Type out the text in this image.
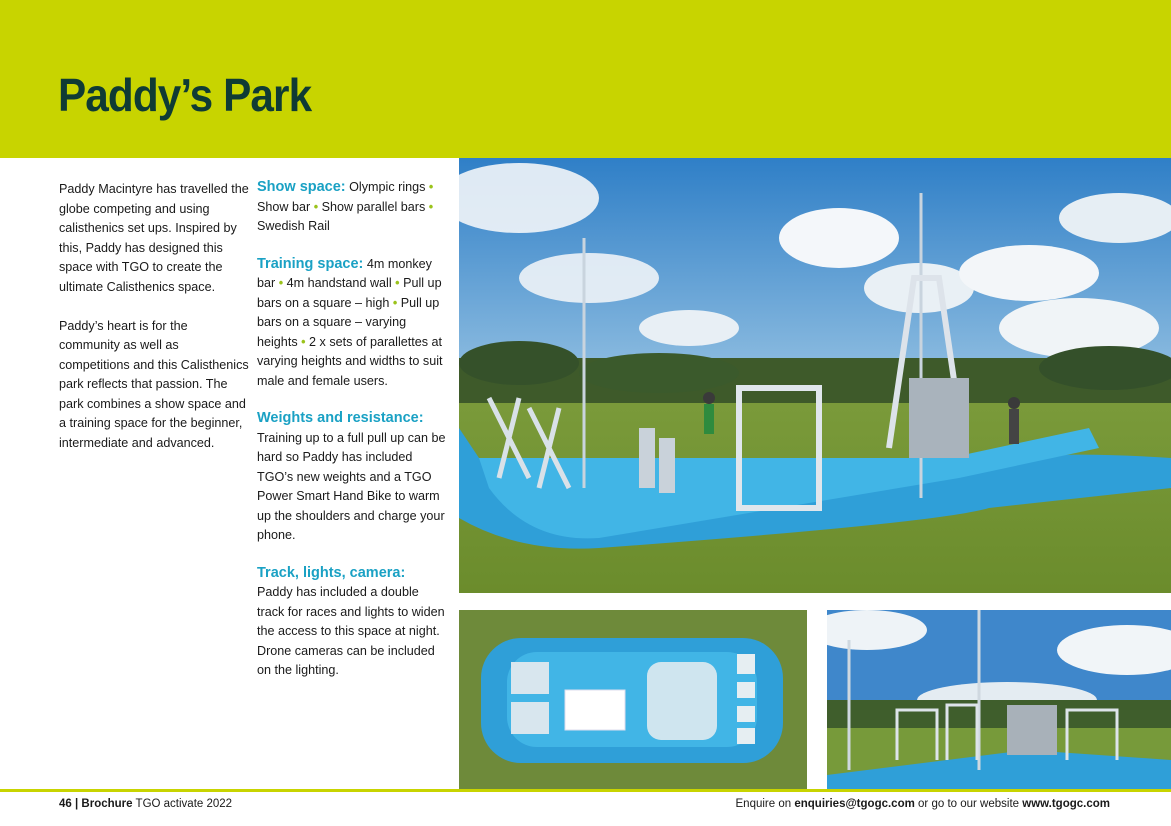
Paddy’s Park

Paddy Macintyre has travelled the globe competing and using calisthenics set ups. Inspired by this, Paddy has designed this space with TGO to create the ultimate Calisthenics space.

Paddy’s heart is for the community as well as competitions and this Calisthenics park reflects that passion. The park combines a show space and a training space for the beginner, intermediate and advanced.

Show space: Olympic rings • Show bar • Show parallel bars • Swedish Rail
Training space: 4m monkey bar • 4m handstand wall • Pull up bars on a square – high • Pull up bars on a square – varying heights • 2 x sets of parallettes at varying heights and widths to suit male and female users.
Weights and resistance:
Training up to a full pull up can be hard so Paddy has included TGO’s new weights and a TGO Power Smart Hand Bike to warm up the shoulders and charge your phone.
Track, lights, camera:
Paddy has included a double track for races and lights to widen the access to this space at night. Drone cameras can be included on the lighting.
46 | Brochure TGO activate 2022	Enquire on enquiries@tgogc.com or go to our website www.tgogc.com
